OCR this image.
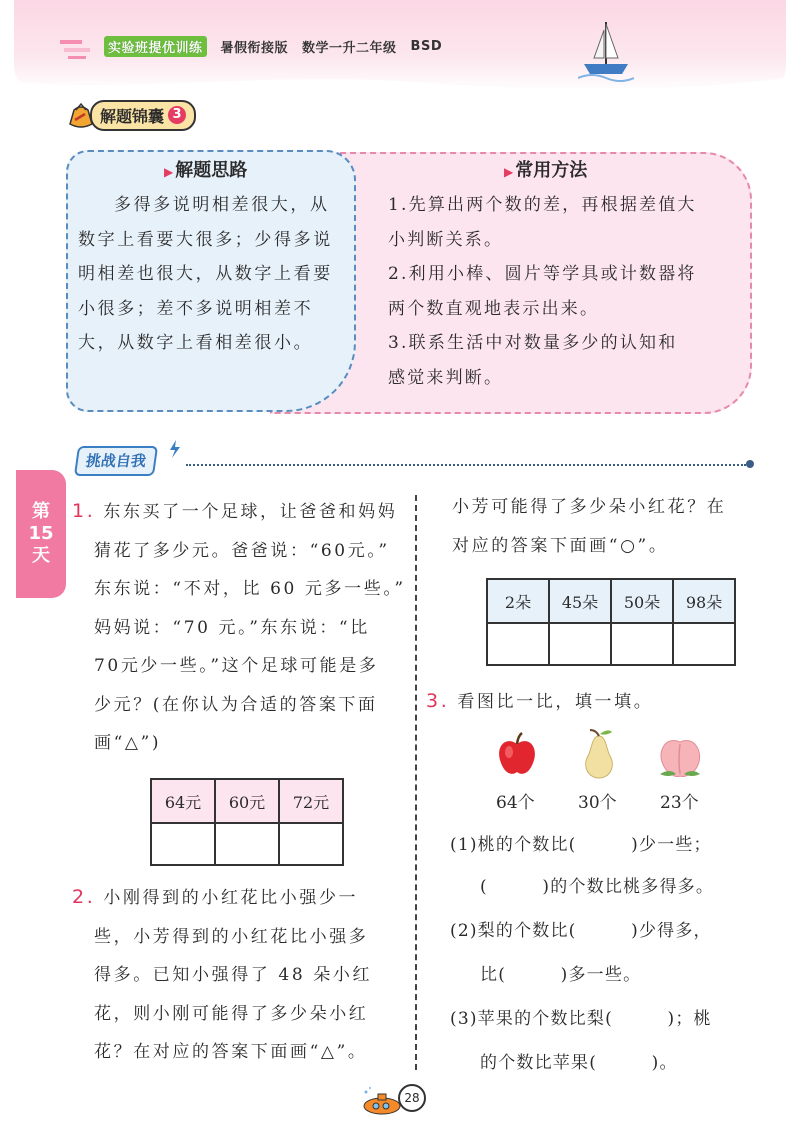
实验班提优训练	暑假衔接版 数学一升二年级 BSD
解题锦囊 3
▶ 解题思路	▶ 常用方法

多得多说明相差很大，从

数字上看要大很多；少得多说

明相差也很大，从数字上看要

小很多；差不多说明相差不

大，从数字上看相差很小。

1.先算出两个数的差，再根据差值大

小判断关系。

2.利用小棒、圆片等学具或计数器将

两个数直观地表示出来。

3.联系生活中对数量多少的认知和

感觉来判断。

挑战自我
第
15
天

1. 东东买了一个足球，让爸爸和妈妈

猜花了多少元。爸爸说：“60元。”

东东说：“不对，比 60 元多一些。”

妈妈说：“70 元。”东东说：“比

70元少一些。”这个足球可能是多

少元？(在你认为合适的答案下面

画“△”)

64元	60元	72元

2. 小刚得到的小红花比小强少一

些，小芳得到的小红花比小强多

得多。已知小强得了 48 朵小红

花，则小刚可能得了多少朵小红

花？在对应的答案下面画“△”。

小芳可能得了多少朵小红花？在

对应的答案下面画“○”。

2朵	45朵	50朵	98朵

3. 看图比一比，填一填。

64个	30个	23个
(1)桃的个数比(　　　)少一些；
(　　　)的个数比桃多得多。
(2)梨的个数比(　　　)少得多，
比(　　　)多一些。
(3)苹果的个数比梨(　　　)；桃
的个数比苹果(　　　)。
28
